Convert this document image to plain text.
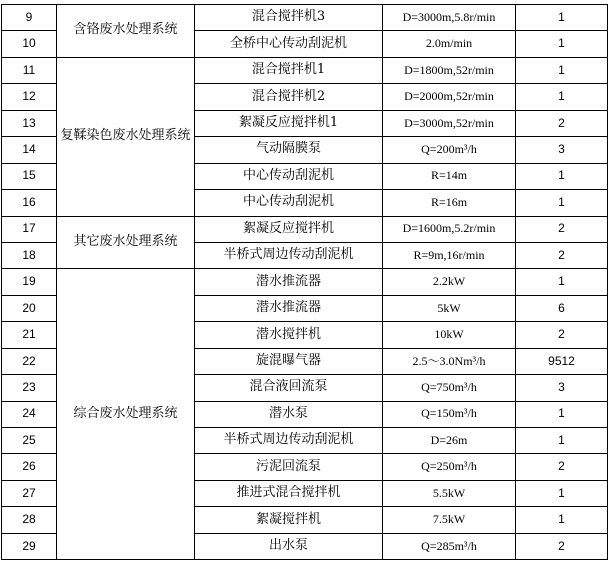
9	含铬废水处理系统	混合搅拌机3	D=3000m,5.8r/min	1
10		全桥中心传动刮泥机	2.0m/min	1
11	复鞣染色废水处理系统	混合搅拌机1	D=1800m,52r/min	1
12		混合搅拌机2	D=2000m,52r/min	1
13		絮凝反应搅拌机1	D=3000m,52r/min	2
14		气动隔膜泵	Q=200m³/h	3
15		中心传动刮泥机	R=14m	1
16		中心传动刮泥机	R=16m	1
17	其它废水处理系统	絮凝反应搅拌机	D=1600m,5.2r/min	2
18		半桥式周边传动刮泥机	R=9m,16r/min	2
19	综合废水处理系统	潜水推流器	2.2kW	1
20		潜水推流器	5kW	6
21		潜水搅拌机	10kW	2
22		旋混曝气器	2.5～3.0Nm³/h	9512
23		混合液回流泵	Q=750m³/h	3
24		潜水泵	Q=150m³/h	1
25		半桥式周边传动刮泥机	D=26m	1
26		污泥回流泵	Q=250m³/h	2
27		推进式混合搅拌机	5.5kW	1
28		絮凝搅拌机	7.5kW	1
29		出水泵	Q=285m³/h	2
